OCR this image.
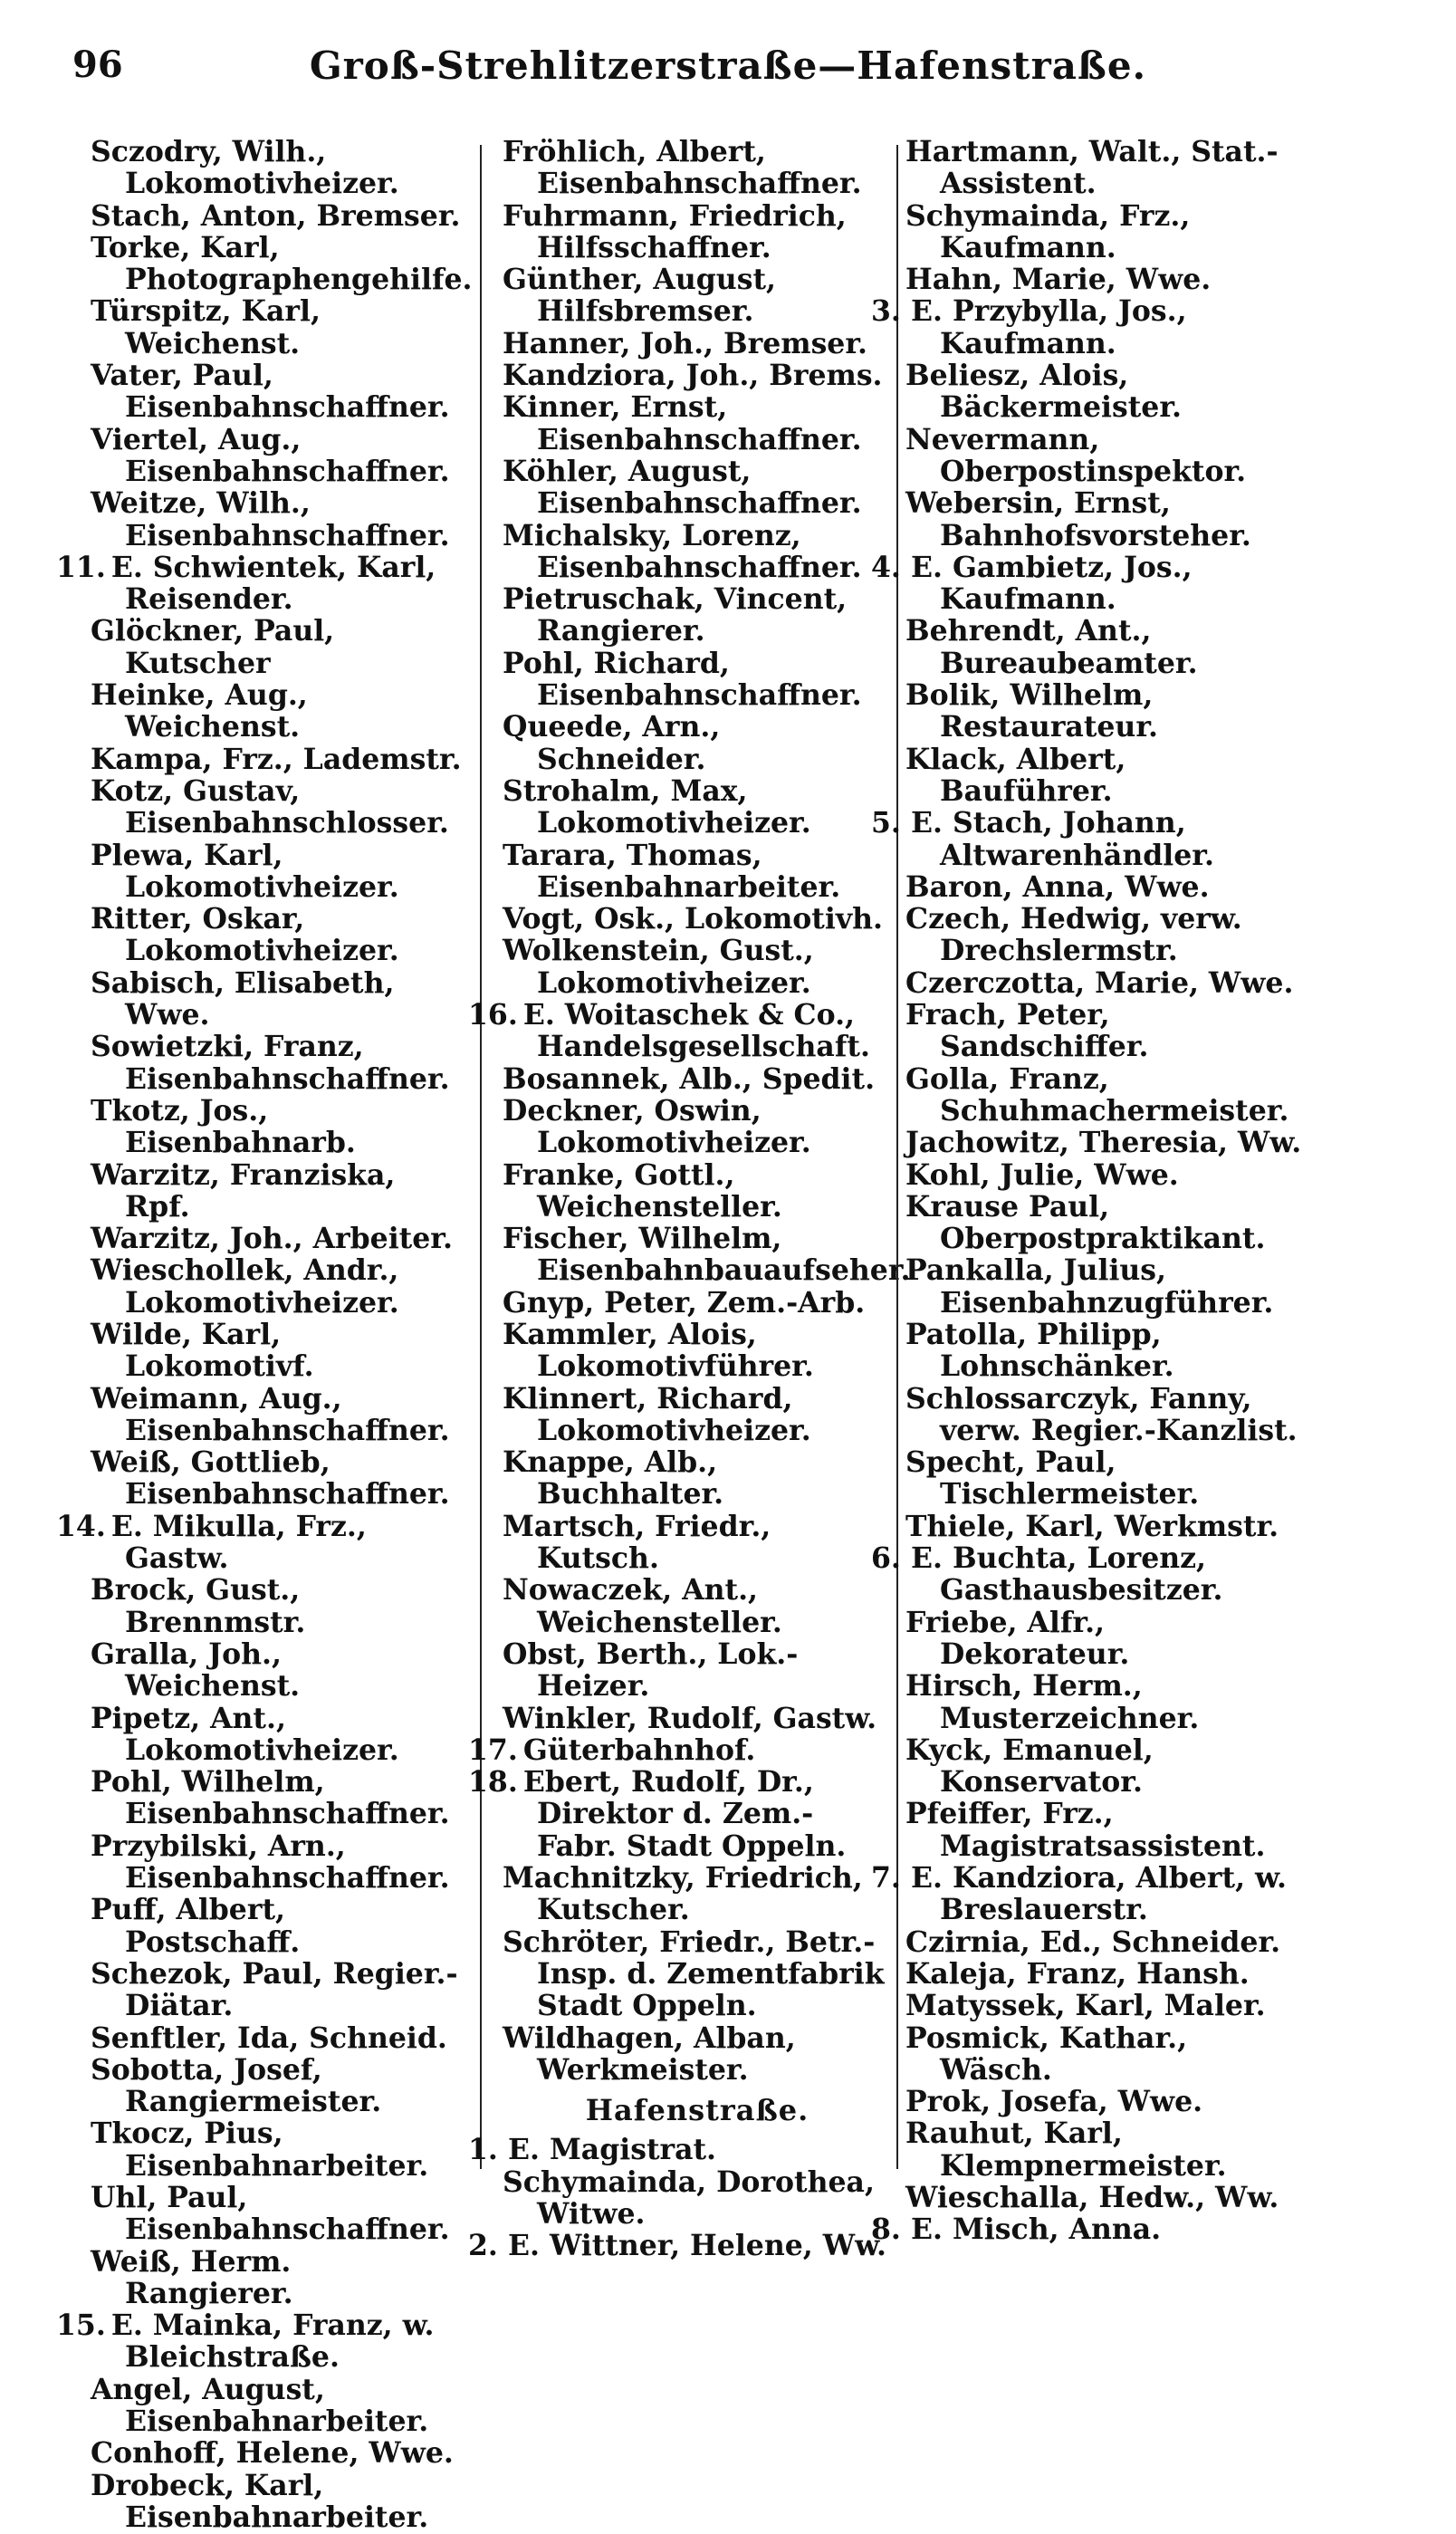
Groß-Strehlitzerstraße—Hafenstraße.
96
Sczodry, Wilh., Lokomotivheizer.
Stach, Anton, Bremser.
Torke, Karl, Photographengehilfe.
Türspitz, Karl, Weichenst.
Vater, Paul, Eisenbahnschaffner.
Viertel, Aug., Eisenbahnschaffner.
Weitze, Wilh., Eisenbahnschaffner.
11. E. Schwientek, Karl, Reisender.
Glöckner, Paul, Kutscher
Heinke, Aug., Weichenst.
Kampa, Frz., Lademstr.
Kotz, Gustav, Eisenbahnschlosser.
Plewa, Karl, Lokomotivheizer.
Ritter, Oskar, Lokomotivheizer.
Sabisch, Elisabeth, Wwe.
Sowietzki, Franz, Eisenbahnschaffner.
Tkotz, Jos., Eisenbahnarb.
Warzitz, Franziska, Rpf.
Warzitz, Joh., Arbeiter.
Wieschollek, Andr., Lokomotivheizer.
Wilde, Karl, Lokomotivf.
Weimann, Aug., Eisenbahnschaffner.
Weiß, Gottlieb, Eisenbahnschaffner.
14. E. Mikulla, Frz., Gastw.
Brock, Gust., Brennmstr.
Gralla, Joh., Weichenst.
Pipetz, Ant., Lokomotivheizer.
Pohl, Wilhelm, Eisenbahnschaffner.
Przybilski, Arn., Eisenbahnschaffner.
Puff, Albert, Postschaff.
Schezok, Paul, Regier.-Diätar.
Senftler, Ida, Schneid.
Sobotta, Josef, Rangiermeister.
Tkocz, Pius, Eisenbahnarbeiter.
Uhl, Paul, Eisenbahnschaffner.
Weiß, Herm. Rangierer.
15. E. Mainka, Franz, w. Bleichstraße.
Angel, August, Eisenbahnarbeiter.
Conhoff, Helene, Wwe.
Drobeck, Karl, Eisenbahnarbeiter.
Fröhlich, Albert, Eisenbahnschaffner.
Fuhrmann, Friedrich, Hilfsschaffner.
Günther, August, Hilfsbremser.
Hanner, Joh., Bremser.
Kandziora, Joh., Brems.
Kinner, Ernst, Eisenbahnschaffner.
Köhler, August, Eisenbahnschaffner.
Michalsky, Lorenz, Eisenbahnschaffner.
Pietruschak, Vincent, Rangierer.
Pohl, Richard, Eisenbahnschaffner.
Queede, Arn., Schneider.
Strohalm, Max, Lokomotivheizer.
Tarara, Thomas, Eisenbahnarbeiter.
Vogt, Osk., Lokomotivh.
Wolkenstein, Gust., Lokomotivheizer.
16. E. Woitaschek & Co., Handelsgesellschaft.
Bosannek, Alb., Spedit.
Deckner, Oswin, Lokomotivheizer.
Franke, Gottl., Weichensteller.
Fischer, Wilhelm, Eisenbahnbauaufseher.
Gnyp, Peter, Zem.-Arb.
Kammler, Alois, Lokomotivführer.
Klinnert, Richard, Lokomotivheizer.
Knappe, Alb., Buchhalter.
Martsch, Friedr., Kutsch.
Nowaczek, Ant., Weichensteller.
Obst, Berth., Lok.-Heizer.
Winkler, Rudolf, Gastw.
17. Güterbahnhof.
18. Ebert, Rudolf, Dr., Direktor d. Zem.-Fabr. Stadt Oppeln.
Machnitzky, Friedrich, Kutscher.
Schröter, Friedr., Betr.-Insp. d. Zementfabrik Stadt Oppeln.
Wildhagen, Alban, Werkmeister.
Hafenstraße.
1. E. Magistrat.
Schymainda, Dorothea, Witwe.
2. E. Wittner, Helene, Ww.
Hartmann, Walt., Stat.-Assistent.
Schymainda, Frz., Kaufmann.
Hahn, Marie, Wwe.
3. E. Przybylla, Jos., Kaufmann.
Beliesz, Alois, Bäckermeister.
Nevermann, Oberpostinspektor.
Webersin, Ernst, Bahnhofsvorsteher.
4. E. Gambietz, Jos., Kaufmann.
Behrendt, Ant., Bureaubeamter.
Bolik, Wilhelm, Restaurateur.
Klack, Albert, Bauführer.
5. E. Stach, Johann, Altwarenhändler.
Baron, Anna, Wwe.
Czech, Hedwig, verw. Drechslermstr.
Czerczotta, Marie, Wwe.
Frach, Peter, Sandschiffer.
Golla, Franz, Schuhmachermeister.
Jachowitz, Theresia, Ww.
Kohl, Julie, Wwe.
Krause Paul, Oberpostpraktikant.
Pankalla, Julius, Eisenbahnzugführer.
Patolla, Philipp, Lohnschänker.
Schlossarczyk, Fanny, verw. Regier.-Kanzlist.
Specht, Paul, Tischlermeister.
Thiele, Karl, Werkmstr.
6. E. Buchta, Lorenz, Gasthausbesitzer.
Friebe, Alfr., Dekorateur.
Hirsch, Herm., Musterzeichner.
Kyck, Emanuel, Konservator.
Pfeiffer, Frz., Magistratsassistent.
7. E. Kandziora, Albert, w. Breslauerstr.
Czirnia, Ed., Schneider.
Kaleja, Franz, Hansh.
Matyssek, Karl, Maler.
Posmick, Kathar., Wäsch.
Prok, Josefa, Wwe.
Rauhut, Karl, Klempnermeister.
Wieschalla, Hedw., Ww.
8. E. Misch, Anna.
